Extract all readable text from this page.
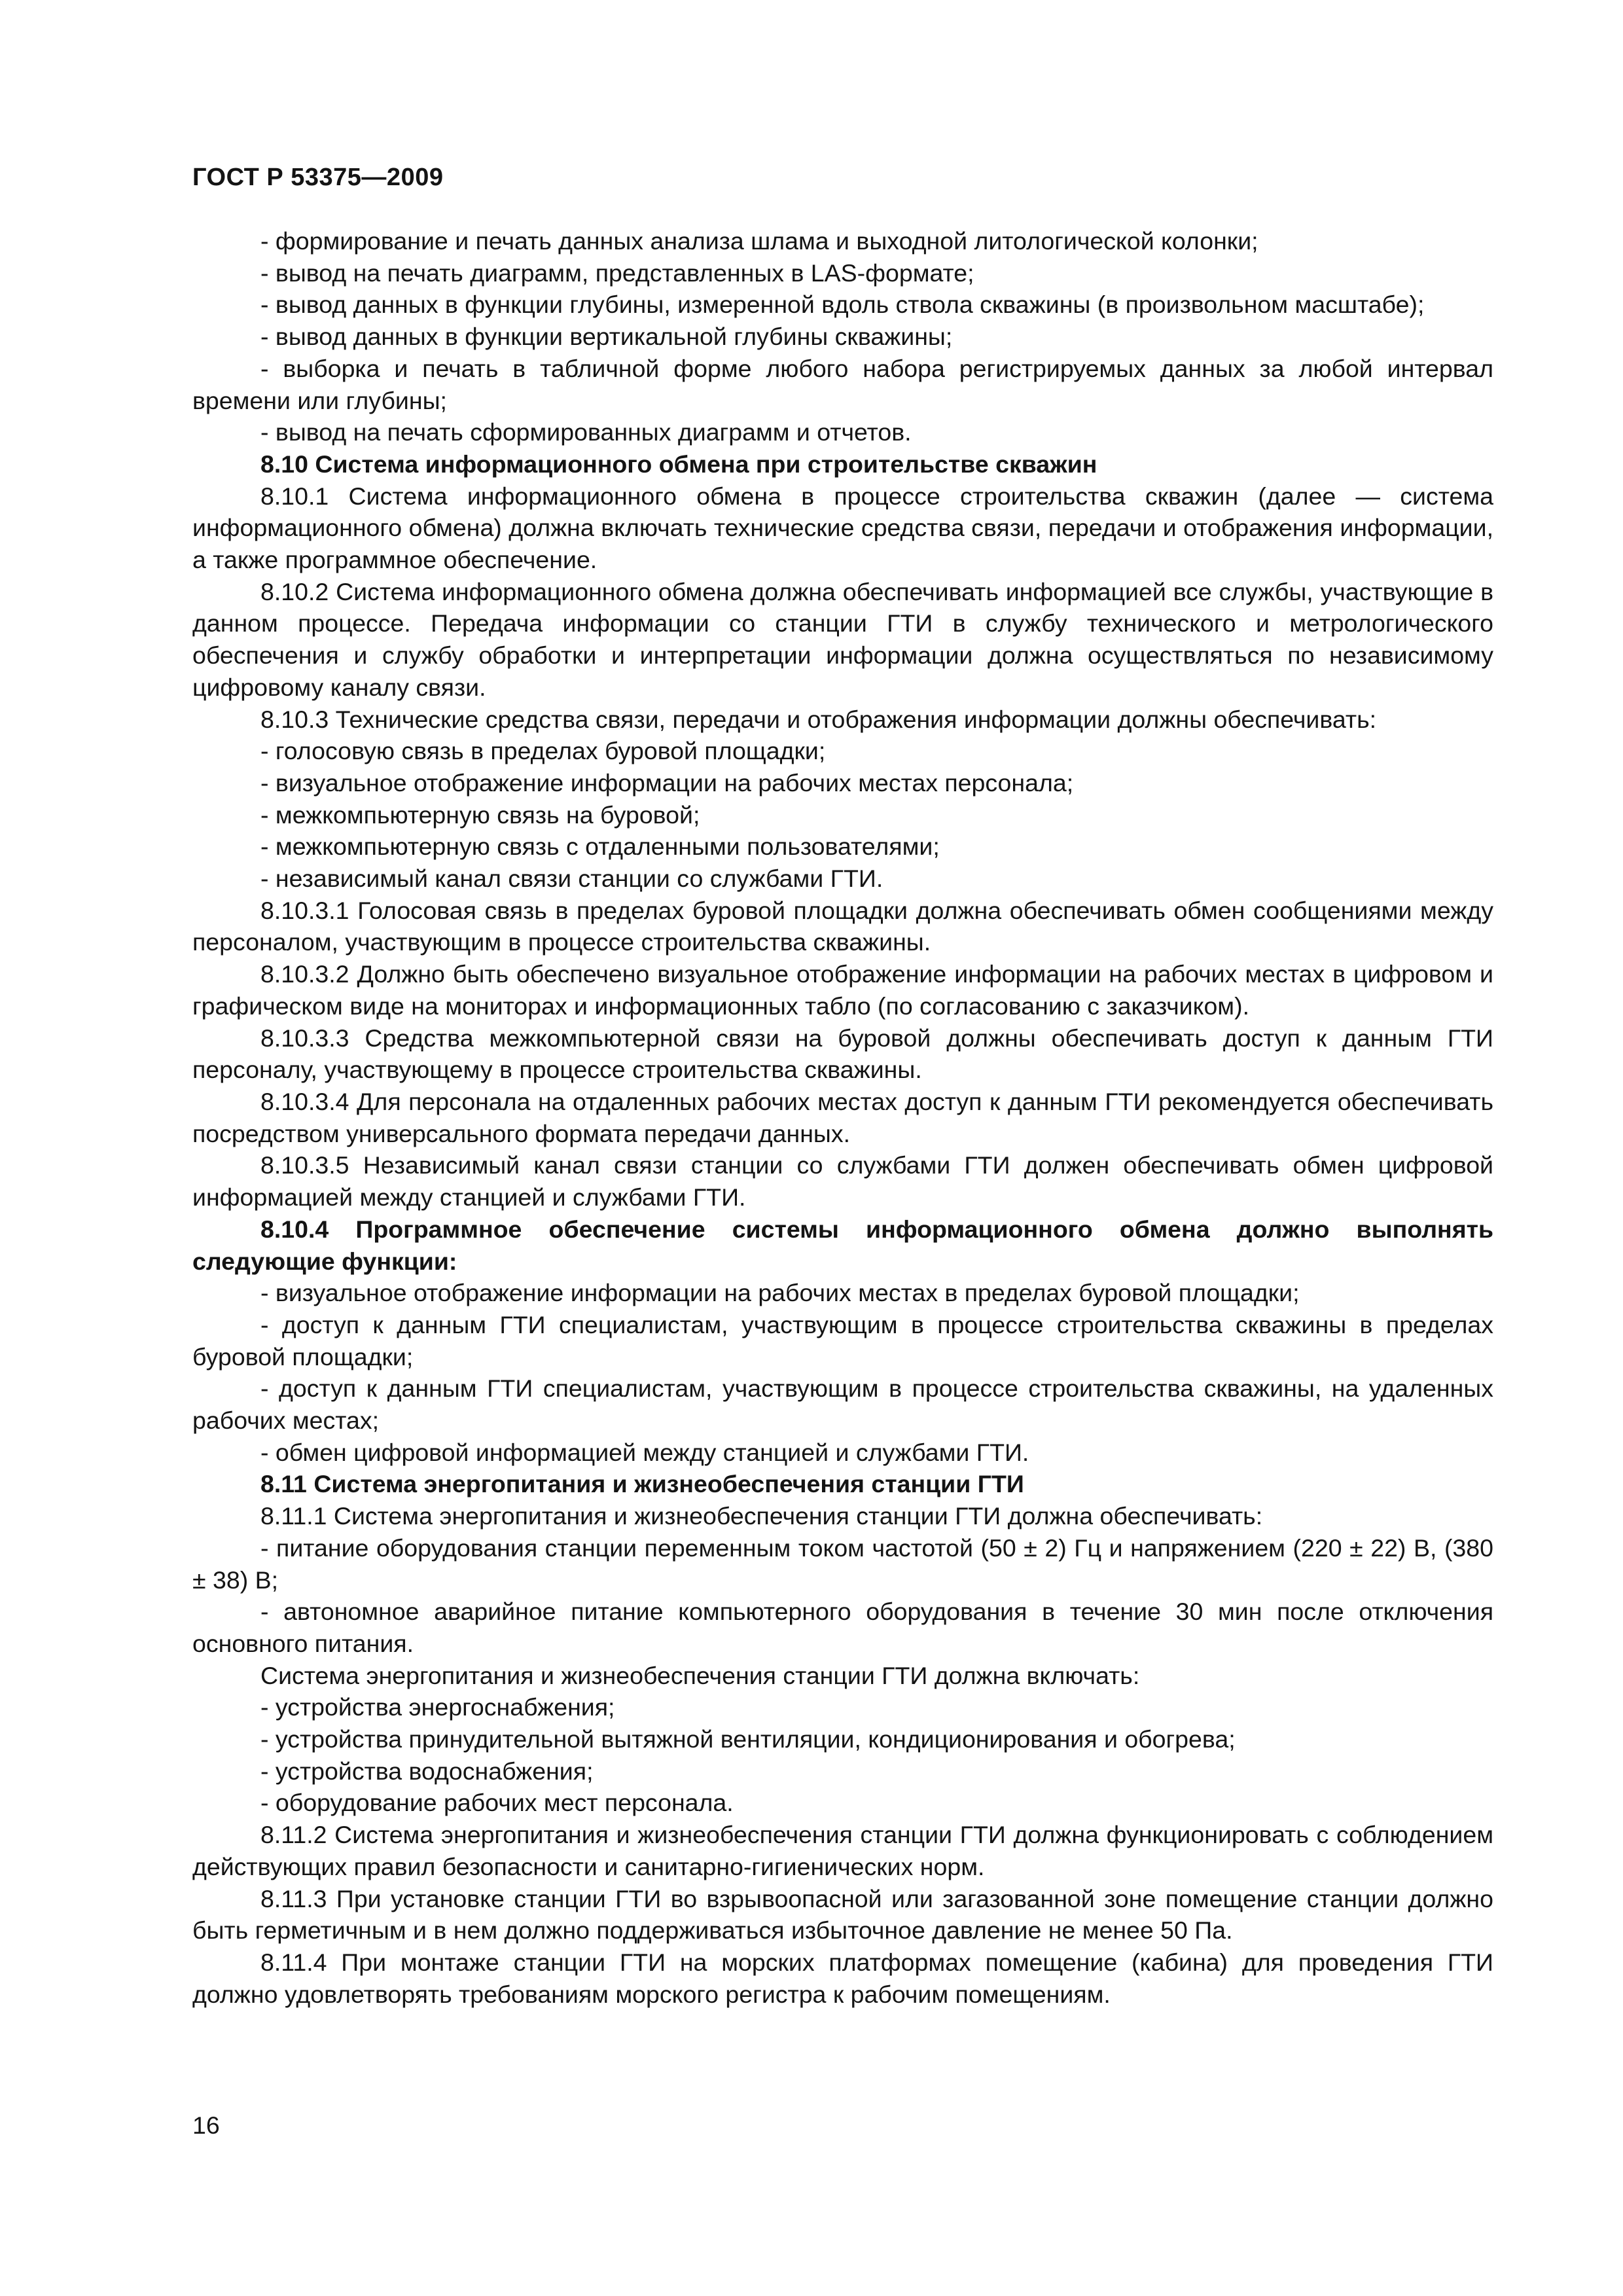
ГОСТ Р 53375—2009

- формирование и печать данных анализа шлама и выходной литологической колонки;

- вывод на печать диаграмм, представленных в LAS-формате;

- вывод данных в функции глубины, измеренной вдоль ствола скважины (в произвольном масштабе);

- вывод данных в функции вертикальной глубины скважины;

- выборка и печать в табличной форме любого набора регистрируемых данных за любой интервал времени или глубины;

- вывод на печать сформированных диаграмм и отчетов.

8.10 Система информационного обмена при строительстве скважин

8.10.1 Система информационного обмена в процессе строительства скважин (далее — система информационного обмена) должна включать технические средства связи, передачи и отображения информации, а также программное обеспечение.

8.10.2 Система информационного обмена должна обеспечивать информацией все службы, участвующие в данном процессе. Передача информации со станции ГТИ в службу технического и метрологического обеспечения и службу обработки и интерпретации информации должна осуществляться по независимому цифровому каналу связи.

8.10.3 Технические средства связи, передачи и отображения информации должны обеспечивать:

- голосовую связь в пределах буровой площадки;

- визуальное отображение информации на рабочих местах персонала;

- межкомпьютерную связь на буровой;

- межкомпьютерную связь с отдаленными пользователями;

- независимый канал связи станции со службами ГТИ.

8.10.3.1 Голосовая связь в пределах буровой площадки должна обеспечивать обмен сообщениями между персоналом, участвующим в процессе строительства скважины.

8.10.3.2 Должно быть обеспечено визуальное отображение информации на рабочих местах в цифровом и графическом виде на мониторах и информационных табло (по согласованию с заказчиком).

8.10.3.3 Средства межкомпьютерной связи на буровой должны обеспечивать доступ к данным ГТИ персоналу, участвующему в процессе строительства скважины.

8.10.3.4 Для персонала на отдаленных рабочих местах доступ к данным ГТИ рекомендуется обеспечивать посредством универсального формата передачи данных.

8.10.3.5 Независимый канал связи станции со службами ГТИ должен обеспечивать обмен цифровой информацией между станцией и службами ГТИ.

8.10.4 Программное обеспечение системы информационного обмена должно выполнять следующие функции:

- визуальное отображение информации на рабочих местах в пределах буровой площадки;

- доступ к данным ГТИ специалистам, участвующим в процессе строительства скважины в пределах буровой площадки;

- доступ к данным ГТИ специалистам, участвующим в процессе строительства скважины, на удаленных рабочих местах;

- обмен цифровой информацией между станцией и службами ГТИ.

8.11 Система энергопитания и жизнеобеспечения станции ГТИ

8.11.1 Система энергопитания и жизнеобеспечения станции ГТИ должна обеспечивать:

- питание оборудования станции переменным током частотой (50 ± 2) Гц и напряжением (220 ± 22) В, (380 ± 38) В;

- автономное аварийное питание компьютерного оборудования в течение 30 мин после отключения основного питания.

Система энергопитания и жизнеобеспечения станции ГТИ должна включать:

- устройства энергоснабжения;

- устройства принудительной вытяжной вентиляции, кондиционирования и обогрева;

- устройства водоснабжения;

- оборудование рабочих мест персонала.

8.11.2 Система энергопитания и жизнеобеспечения станции ГТИ должна функционировать с соблюдением действующих правил безопасности и санитарно-гигиенических норм.

8.11.3 При установке станции ГТИ во взрывоопасной или загазованной зоне помещение станции должно быть герметичным и в нем должно поддерживаться избыточное давление не менее 50 Па.

8.11.4 При монтаже станции ГТИ на морских платформах помещение (кабина) для проведения ГТИ должно удовлетворять требованиям морского регистра к рабочим помещениям.

16
